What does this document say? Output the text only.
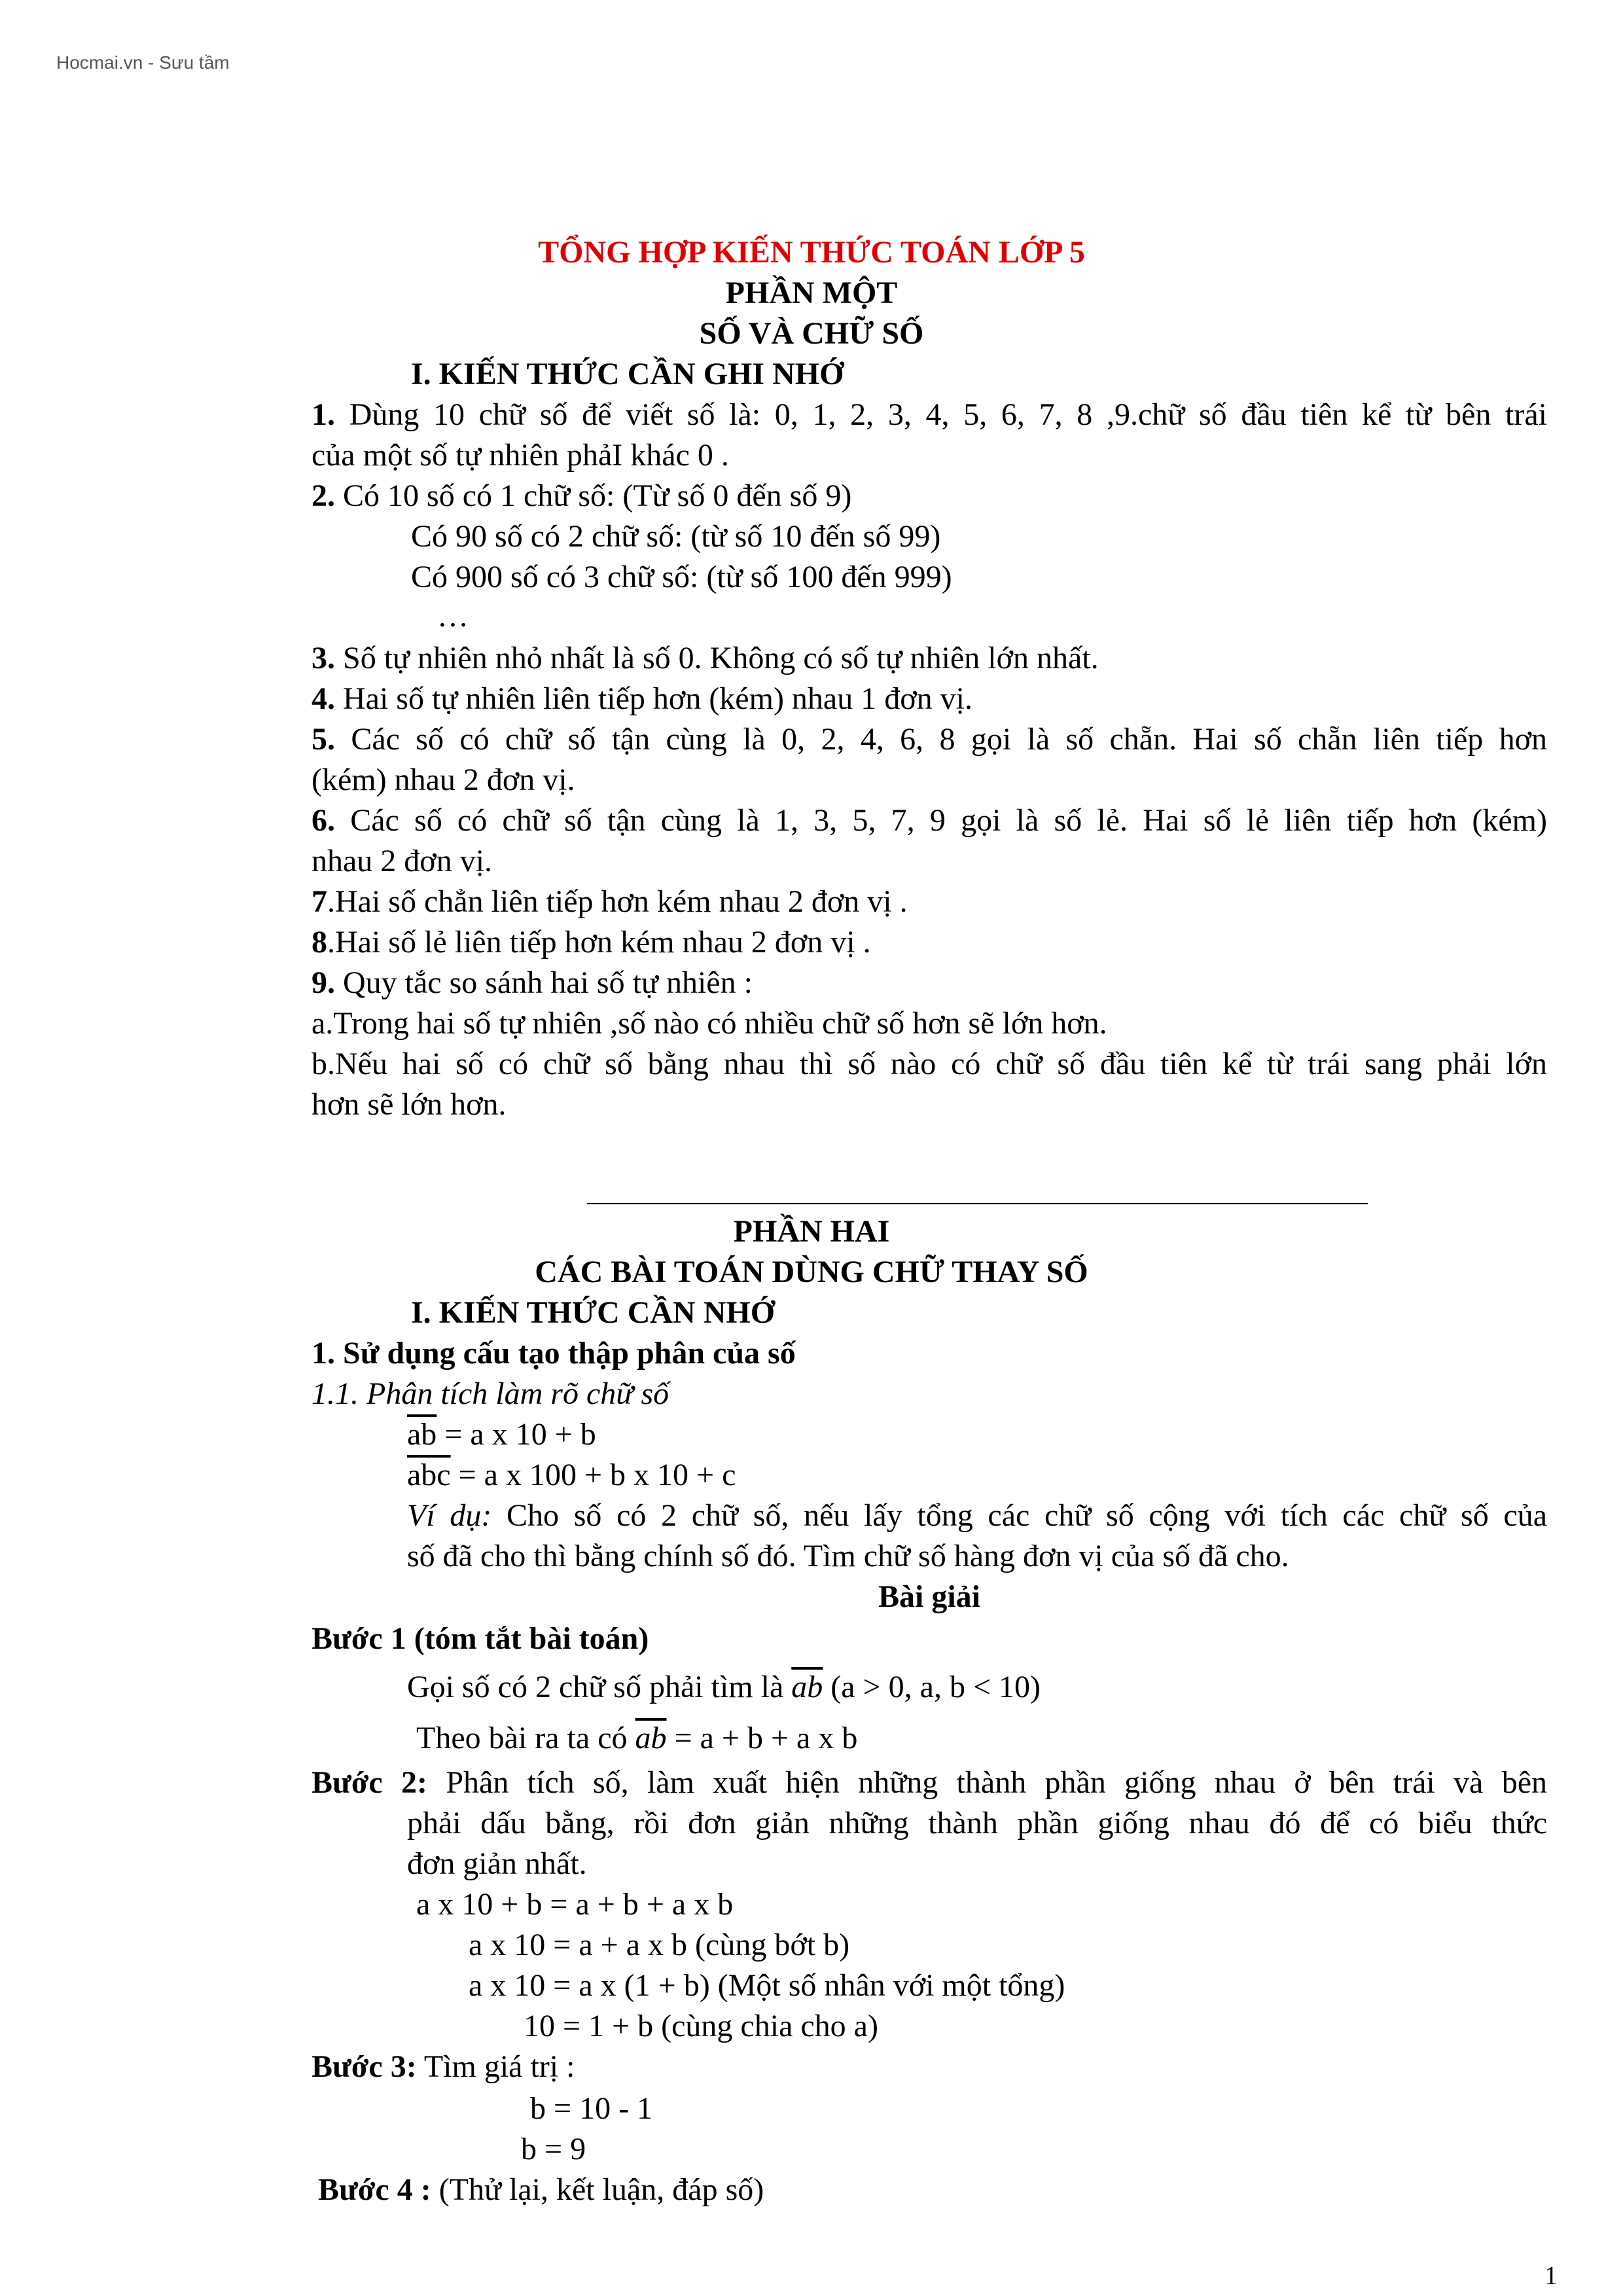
Hocmai.vn - Sưu tầm
TỔNG HỢP KIẾN THỨC TOÁN LỚP 5
PHẦN MỘT
SỐ VÀ CHỮ SỐ
I. KIẾN THỨC CẦN GHI NHỚ
1. Dùng 10 chữ số để viết số là: 0, 1, 2, 3, 4, 5, 6, 7, 8 ,9.chữ số đầu tiên kể từ bên trái
của một số tự nhiên phảI khác 0 .
2. Có 10 số có 1 chữ số: (Từ số 0 đến số 9)
Có 90 số có 2 chữ số: (từ số 10 đến số 99)
Có 900 số có 3 chữ số: (từ số 100 đến 999)
…
3. Số tự nhiên nhỏ nhất là số 0. Không có số tự nhiên lớn nhất.
4. Hai số tự nhiên liên tiếp hơn (kém) nhau 1 đơn vị.
5. Các số có chữ số tận cùng là 0, 2, 4, 6, 8 gọi là số chẵn. Hai số chẵn liên tiếp hơn
(kém) nhau 2 đơn vị.
6. Các số có chữ số tận cùng là 1, 3, 5, 7, 9 gọi là số lẻ. Hai số lẻ liên tiếp hơn (kém)
nhau 2 đơn vị.
7.Hai số chẳn liên tiếp hơn kém nhau 2 đơn vị .
8.Hai số lẻ liên tiếp hơn kém nhau 2 đơn vị .
9. Quy tắc so sánh hai số tự nhiên :
a.Trong hai số tự nhiên ,số nào có nhiều chữ số hơn sẽ lớn hơn.
b.Nếu hai số có chữ số bằng nhau thì số nào có chữ số đầu tiên kể từ trái sang phải lớn
hơn sẽ lớn hơn.
PHẦN HAI
CÁC BÀI TOÁN DÙNG CHỮ THAY SỐ
I. KIẾN THỨC CẦN NHỚ
1. Sử dụng cấu tạo thập phân của số
1.1. Phân tích làm rõ chữ số
$\overline{ab} = a$ x 10 + b
$\overline{abc} = a$ x 100 + b x 10 + c
Ví dụ: Cho số có 2 chữ số, nếu lấy tổng các chữ số cộng với tích các chữ số của
số đã cho thì bằng chính số đó. Tìm chữ số hàng đơn vị của số đã cho.
Bài giải
Bước 1 (tóm tắt bài toán)
Gọi số có 2 chữ số phải tìm là $\overline{ab}$ (a > 0, a, b < 10)
Theo bài ra ta có $\overline{ab} = a + b + a$ x b
Bước 2: Phân tích số, làm xuất hiện những thành phần giống nhau ở bên trái và bên
phải dấu bằng, rồi đơn giản những thành phần giống nhau đó để có biểu thức
đơn giản nhất.
a x 10 + b = a + b + a x b
a x 10 = a + a x b (cùng bớt b)
a x 10 = a x (1 + b) (Một số nhân với một tổng)
10 = 1 + b (cùng chia cho a)
Bước 3: Tìm giá trị :
b = 10 - 1
b = 9
Bước 4 : (Thử lại, kết luận, đáp số)
1
